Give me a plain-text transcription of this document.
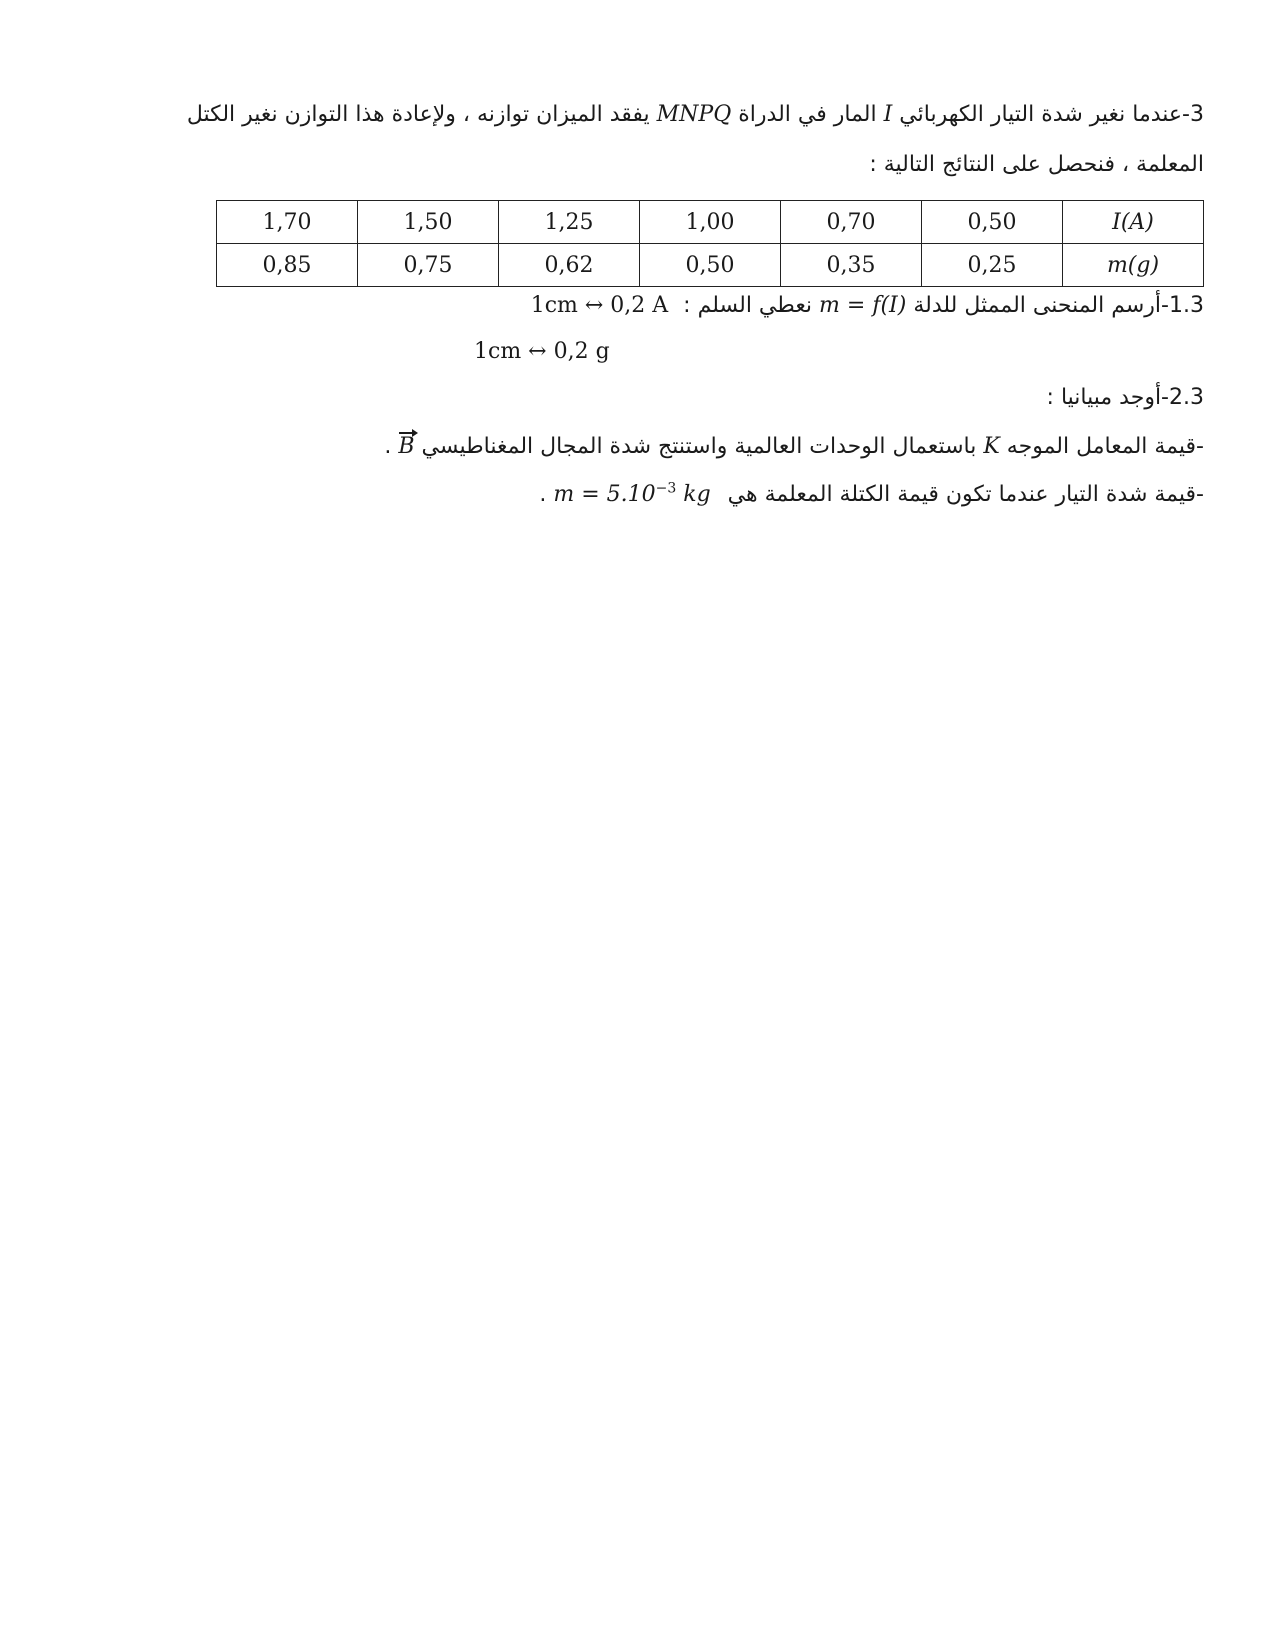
3-عندما نغير شدة التيار الكهربائي I المار في الدراة MNPQ يفقد الميزان توازنه ، ولإعادة هذا التوازن نغير الكتل
المعلمة ، فنحصل على النتائج التالية :
1,70	1,50	1,25	1,00	0,70	0,50	I(A)
0,85	0,75	0,62	0,50	0,35	0,25	m(g)
1.3-أرسم المنحنى الممثل للدلة m = f(I) نعطي السلم : 1cm ↔ 0,2 A
1cm ↔ 0,2 g
2.3-أوجد مبيانيا :
-قيمة المعامل الموجه K باستعمال الوحدات العالمية واستنتج شدة المجال المغناطيسي B .
-قيمة شدة التيار عندما تكون قيمة الكتلة المعلمة هي $m = 5.10^{-3}$ kg .
